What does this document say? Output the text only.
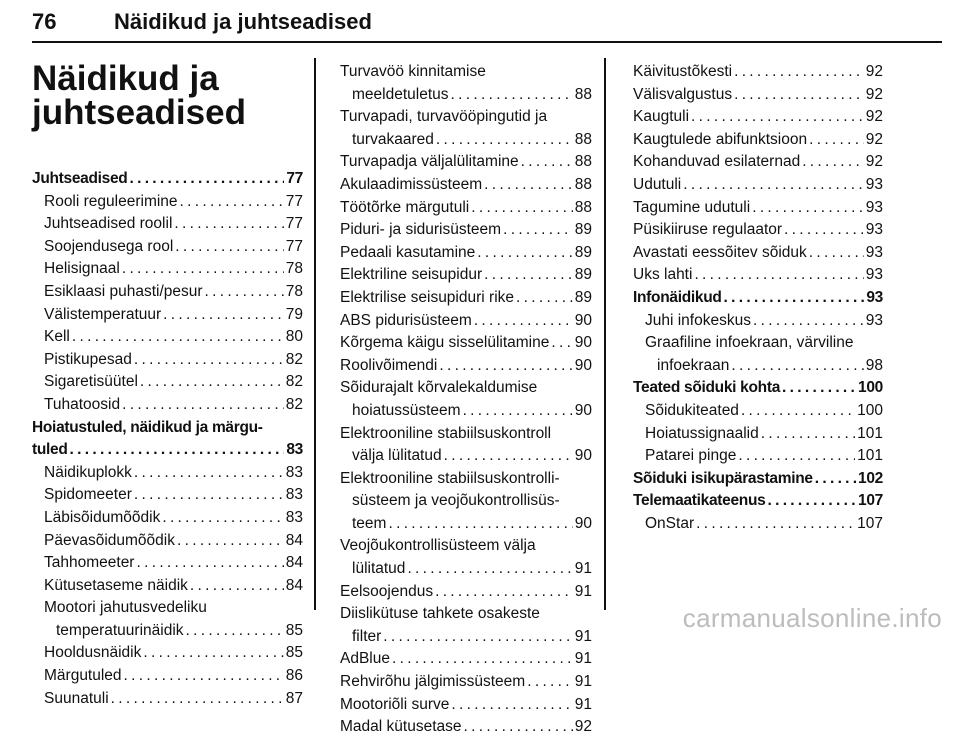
76	Näidikud ja juhtseadised
Näidikud ja
juhtseadised
Juhtseadised . . .	77
Rooli reguleerimine . . .	77
Juhtseadised roolil . . .	77
Soojendusega rool . . .	77
Helisignaal . . .	78
Esiklaasi puhasti/pesur . . .	78
Välistemperatuur . . .	79
Kell . . .	80
Pistikupesad . . .	82
Sigaretisüütel . . .	82
Tuhatoosid . . .	82
Hoiatustuled, näidikud ja märgu-
tuled . . .	83
Näidikuplokk . . .	83
Spidomeeter . . .	83
Läbisõidumõõdik . . .	83
Päevasõidumõõdik . . .	84
Tahhomeeter . . .	84
Kütusetaseme näidik . . .	84
Mootori jahutusvedeliku
temperatuurinäidik . . .	85
Hooldusnäidik . . .	85
Märgutuled . . .	86
Suunatuli . . .	87
Turvavöö kinnitamise
meeldetuletus . . .	88
Turvapadi, turvavööpingutid ja
turvakaared . . .	88
Turvapadja väljalülitamine . . .	88
Akulaadimissüsteem . . .	88
Töötõrke märgutuli . . .	88
Piduri- ja sidurisüsteem . . .	89
Pedaali kasutamine . . .	89
Elektriline seisupidur . . .	89
Elektrilise seisupiduri rike . . .	89
ABS pidurisüsteem . . .	90
Kõrgema käigu sisselülitamine . . . 90
Roolivõimendi . . .	90
Sõidurajalt kõrvalekaldumise
hoiatussüsteem . . .	90
Elektrooniline stabiilsuskontroll
välja lülitatud . . .	90
Elektrooniline stabiilsuskontrolli-
süsteem ja veojõukontrollisüs-
teem . . .	90
Veojõukontrollisüsteem välja
lülitatud . . .	91
Eelsoojendus . . .	91
Diislikütuse tahkete osakeste
filter . . .	91
AdBlue . . .	91
Rehvirõhu jälgimissüsteem . . .	91
Mootoriõli surve . . .	91
Madal kütusetase . . .	92
Käivitustõkesti . . .	92
Välisvalgustus . . .	92
Kaugtuli . . .	92
Kaugtulede abifunktsioon . . .	92
Kohanduvad esilaternad . . .	92
Udutuli . . .	93
Tagumine udutuli . . .	93
Püsikiiruse regulaator . . .	93
Avastati eessõitev sõiduk . . .	93
Uks lahti . . .	93
Infonäidikud . . .	93
Juhi infokeskus . . .	93
Graafiline infoekraan, värviline
infoekraan . . .	98
Teated sõiduki kohta . . .	100
Sõidukiteated . . .	100
Hoiatussignaalid . . .	101
Patarei pinge . . .	101
Sõiduki isikupärastamine . . .	102
Telemaatikateenus . . .	107
OnStar . . .	107
carmanualsonline.info
